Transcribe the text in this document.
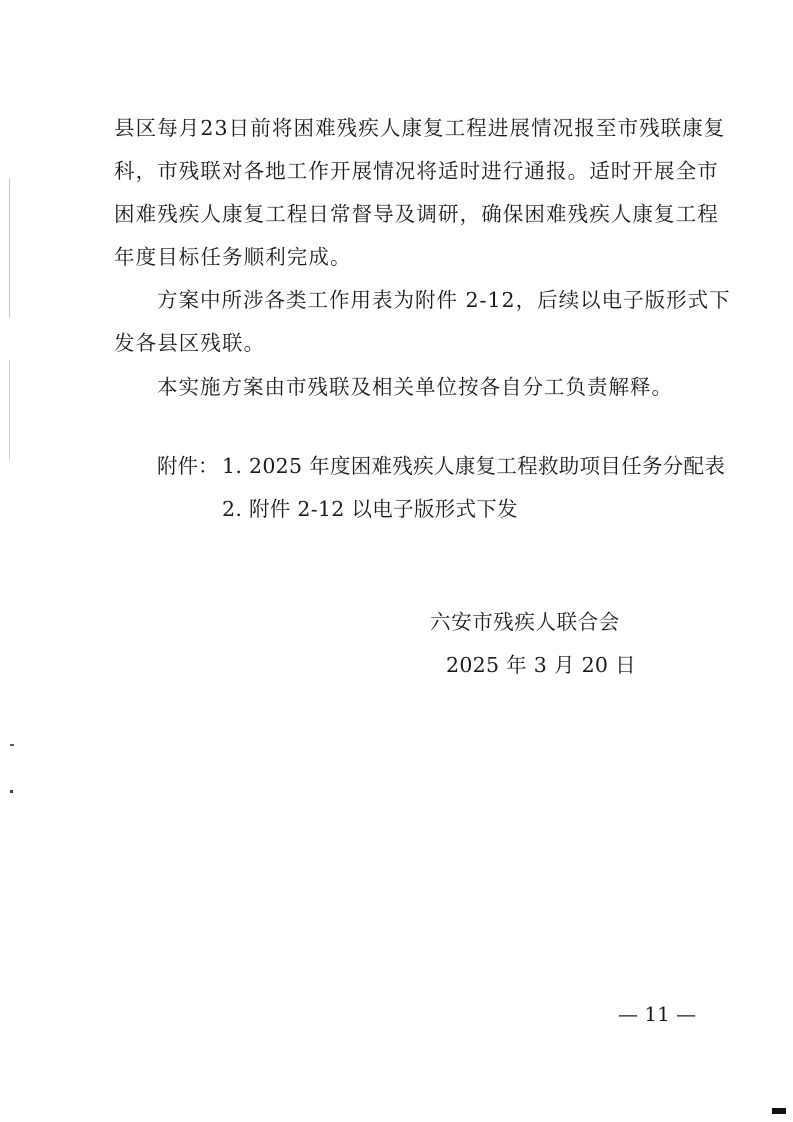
县区每月23日前将困难残疾人康复工程进展情况报至市残联康复
科，市残联对各地工作开展情况将适时进行通报。适时开展全市
困难残疾人康复工程日常督导及调研，确保困难残疾人康复工程
年度目标任务顺利完成。
方案中所涉各类工作用表为附件 2-12，后续以电子版形式下
发各县区残联。
本实施方案由市残联及相关单位按各自分工负责解释。
附件： 1. 2025 年度困难残疾人康复工程救助项目任务分配表
2. 附件 2-12 以电子版形式下发
六安市残疾人联合会
2025 年 3 月 20 日
— 11 —
